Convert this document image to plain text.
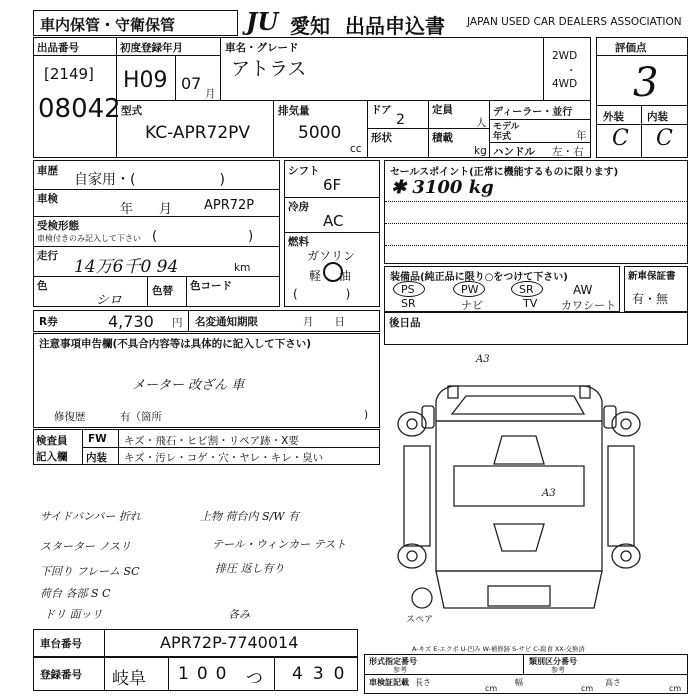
車内保管・守衛保管	JU 愛知 出品申込書 JAPAN USED CAR DEALERS ASSOCIATION
出品番号
[2149]
08042
初度登録年月
H09 07
月
車名・グレード
アトラス
2WD
・
4WD
評価点
3
外装 内装
C C
型式
KC-APR72PV
排気量
5000
cc
ドア
2
定員
人
形状	積載
kg
ディーラー・並行
モデル年式	年
ハンドル 左・右
車歴
自家用・(　　　　　　)
車検
年　　月 APR72P
受検形態
車検付きのみ記入して下さい (　　　　　　　)
走行
14万6千0 94	km
色
シロ
色替 色コード
シフト
6F
冷房
AC
燃料
ガソリン
軽 油
(　　　　)
セールスポイント(正常に機能するものに限ります)
✱ 3100 kg
装備品(純正品に限り○をつけて下さい)
PS	PW	SR	AW
SR	ナビ	TV カワシート
新車保証書
有・無
R券	4,730 円 名変通知期限	月　　日	後日品
注意事項申告欄(不具合内容等は具体的に記入して下さい)
メーター 改ざん 車
修復歴	有（箇所	)
検査員
記入欄
FW キズ・飛石・ヒビ割・リペア跡・X要
内装 キズ・汚レ・コゲ・穴・ヤレ・キレ・臭い
サイドバンパー 折れ	上物 荷台内 S/W 有
スターター ノスリ	テール・ウィンカー テスト
下回り フレーム SC	排圧 返し有り
荷台 各部 S C
ドリ 面ッリ	各み
A3
A3
スペア
A-キズ E-エクボ U-凹み W-補修跡 S-サビ C-腐食 XX-交換済
車台番号	APR72P-7740014
登録番号 岐阜 100 つ 430
形式指定番号
参考
類別区分番号
参考
車検証記載 長さ
cm
幅
cm
高さ
cm
